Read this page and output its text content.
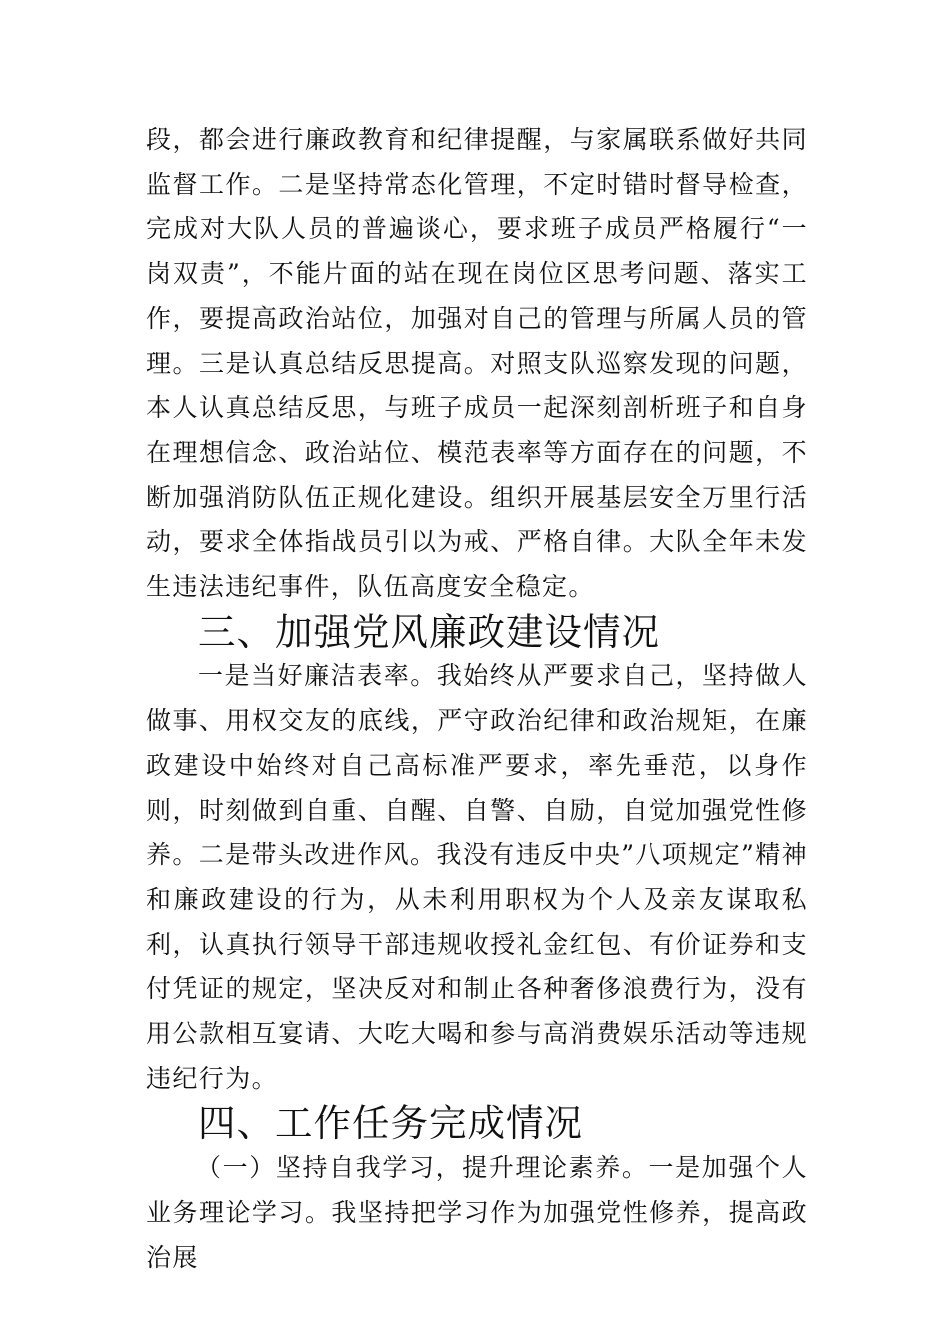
段，都会进行廉政教育和纪律提醒，与家属联系做好共同监督工作。二是坚持常态化管理，不定时错时督导检查，完成对大队人员的普遍谈心，要求班子成员严格履行“一岗双责”，不能片面的站在现在岗位区思考问题、落实工作，要提高政治站位，加强对自己的管理与所属人员的管理。三是认真总结反思提高。对照支队巡察发现的问题，本人认真总结反思，与班子成员一起深刻剖析班子和自身在理想信念、政治站位、模范表率等方面存在的问题，不断加强消防队伍正规化建设。组织开展基层安全万里行活动，要求全体指战员引以为戒、严格自律。大队全年未发生违法违纪事件，队伍高度安全稳定。

三、加强党风廉政建设情况

一是当好廉洁表率。我始终从严要求自己，坚持做人做事、用权交友的底线，严守政治纪律和政治规矩，在廉政建设中始终对自己高标准严要求，率先垂范，以身作则，时刻做到自重、自醒、自警、自励，自觉加强党性修养。二是带头改进作风。我没有违反中央”八项规定”精神和廉政建设的行为，从未利用职权为个人及亲友谋取私利，认真执行领导干部违规收授礼金红包、有价证券和支付凭证的规定，坚决反对和制止各种奢侈浪费行为，没有用公款相互宴请、大吃大喝和参与高消费娱乐活动等违规违纪行为。

四、工作任务完成情况

（一）坚持自我学习，提升理论素养。一是加强个人业务理论学习。我坚持把学习作为加强党性修养，提高政治展
